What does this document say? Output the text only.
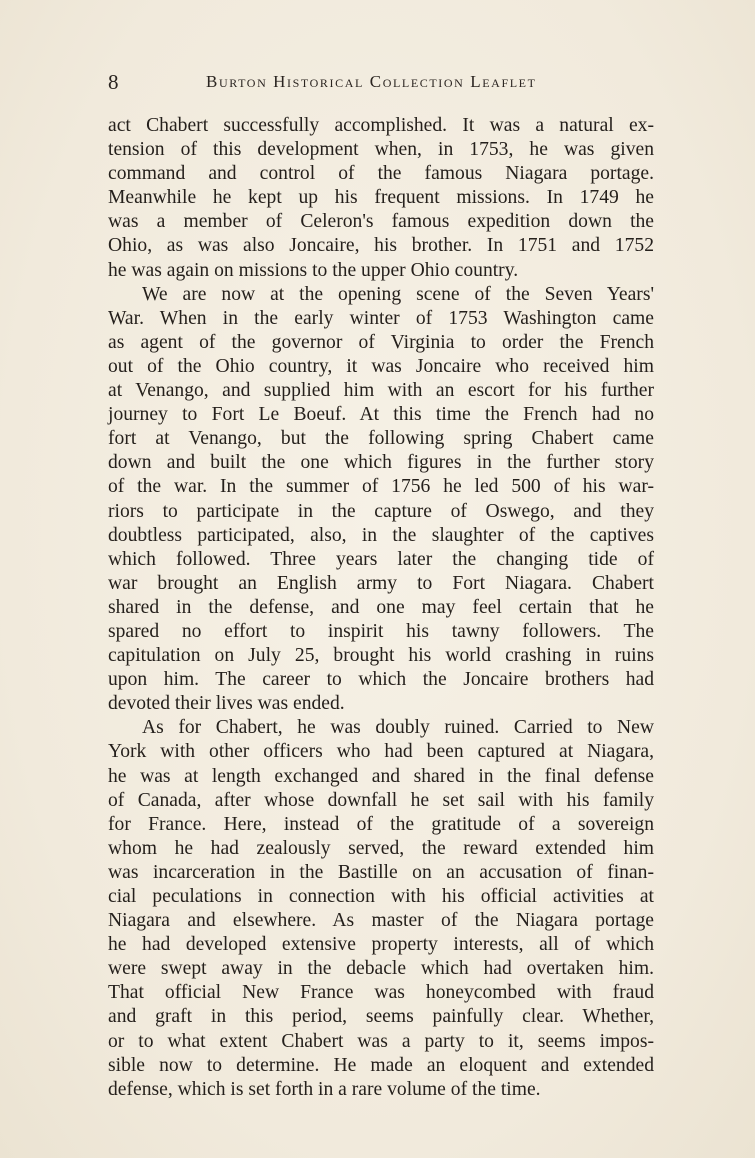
8	Burton Historical Collection Leaflet
act Chabert successfully accomplished. It was a natural ex-
tension of this development when, in 1753, he was given
command and control of the famous Niagara portage.
Meanwhile he kept up his frequent missions. In 1749 he
was a member of Celeron's famous expedition down the
Ohio, as was also Joncaire, his brother. In 1751 and 1752
he was again on missions to the upper Ohio country.
We are now at the opening scene of the Seven Years'
War. When in the early winter of 1753 Washington came
as agent of the governor of Virginia to order the French
out of the Ohio country, it was Joncaire who received him
at Venango, and supplied him with an escort for his further
journey to Fort Le Boeuf. At this time the French had no
fort at Venango, but the following spring Chabert came
down and built the one which figures in the further story
of the war. In the summer of 1756 he led 500 of his war-
riors to participate in the capture of Oswego, and they
doubtless participated, also, in the slaughter of the captives
which followed. Three years later the changing tide of
war brought an English army to Fort Niagara. Chabert
shared in the defense, and one may feel certain that he
spared no effort to inspirit his tawny followers. The
capitulation on July 25, brought his world crashing in ruins
upon him. The career to which the Joncaire brothers had
devoted their lives was ended.
As for Chabert, he was doubly ruined. Carried to New
York with other officers who had been captured at Niagara,
he was at length exchanged and shared in the final defense
of Canada, after whose downfall he set sail with his family
for France. Here, instead of the gratitude of a sovereign
whom he had zealously served, the reward extended him
was incarceration in the Bastille on an accusation of finan-
cial peculations in connection with his official activities at
Niagara and elsewhere. As master of the Niagara portage
he had developed extensive property interests, all of which
were swept away in the debacle which had overtaken him.
That official New France was honeycombed with fraud
and graft in this period, seems painfully clear. Whether,
or to what extent Chabert was a party to it, seems impos-
sible now to determine. He made an eloquent and extended
defense, which is set forth in a rare volume of the time.
